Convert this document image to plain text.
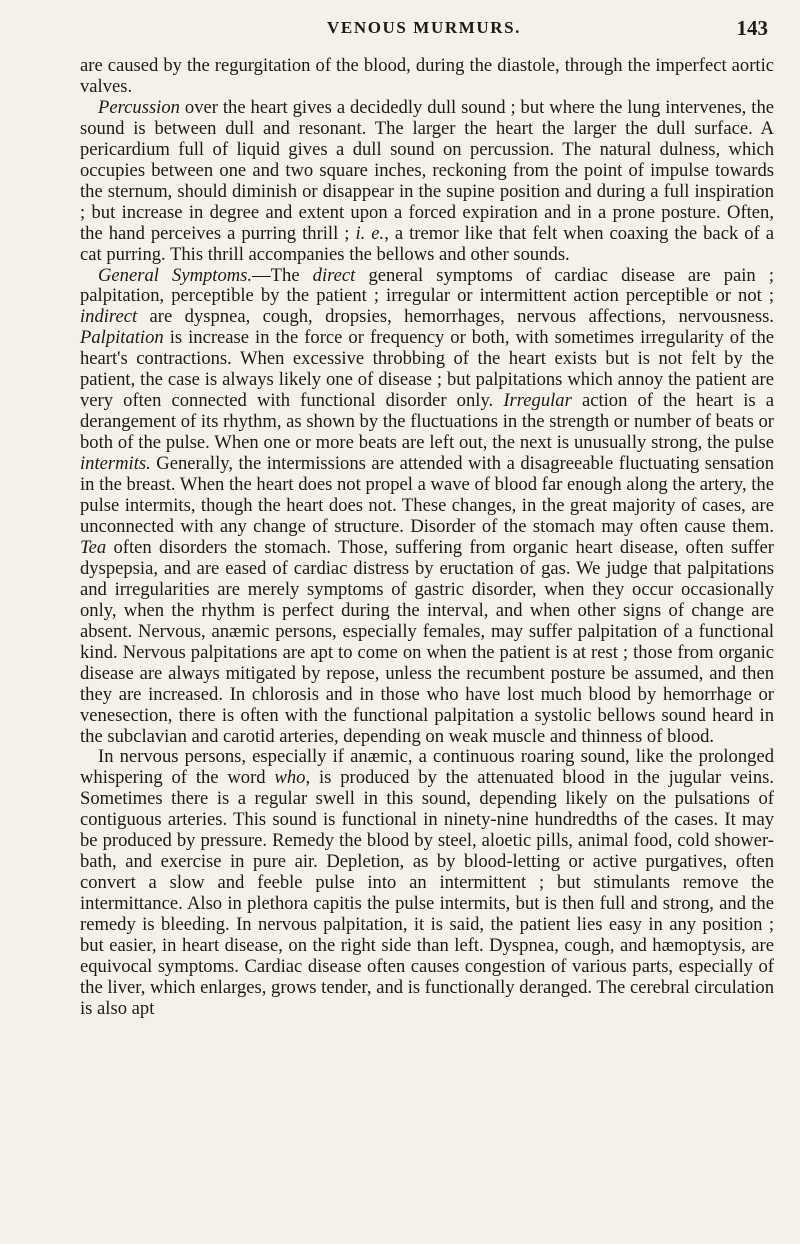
VENOUS MURMURS.	143

are caused by the regurgitation of the blood, during the diastole, through the imperfect aortic valves.

Percussion over the heart gives a decidedly dull sound ; but where the lung intervenes, the sound is between dull and resonant. The larger the heart the larger the dull surface. A pericardium full of liquid gives a dull sound on percussion. The natural dulness, which occupies between one and two square inches, reckoning from the point of impulse towards the sternum, should diminish or disappear in the supine position and during a full inspiration ; but increase in degree and extent upon a forced expiration and in a prone posture. Often, the hand perceives a purring thrill ; i. e., a tremor like that felt when coaxing the back of a cat purring. This thrill accompanies the bellows and other sounds.

General Symptoms.—The direct general symptoms of cardiac disease are pain ; palpitation, perceptible by the patient ; irregular or intermittent action perceptible or not ; indirect are dyspnea, cough, dropsies, hemorrhages, nervous affections, nervousness. Palpitation is increase in the force or frequency or both, with sometimes irregularity of the heart's contractions. When excessive throbbing of the heart exists but is not felt by the patient, the case is always likely one of disease ; but palpitations which annoy the patient are very often connected with functional disorder only. Irregular action of the heart is a derangement of its rhythm, as shown by the fluctuations in the strength or number of beats or both of the pulse. When one or more beats are left out, the next is unusually strong, the pulse intermits. Generally, the intermissions are attended with a disagreeable fluctuating sensation in the breast. When the heart does not propel a wave of blood far enough along the artery, the pulse intermits, though the heart does not. These changes, in the great majority of cases, are unconnected with any change of structure. Disorder of the stomach may often cause them. Tea often disorders the stomach. Those, suffering from organic heart disease, often suffer dyspepsia, and are eased of cardiac distress by eructation of gas. We judge that palpitations and irregularities are merely symptoms of gastric disorder, when they occur occasionally only, when the rhythm is perfect during the interval, and when other signs of change are absent. Nervous, anæmic persons, especially females, may suffer palpitation of a functional kind. Nervous palpitations are apt to come on when the patient is at rest ; those from organic disease are always mitigated by repose, unless the recumbent posture be assumed, and then they are increased. In chlorosis and in those who have lost much blood by hemorrhage or venesection, there is often with the functional palpitation a systolic bellows sound heard in the subclavian and carotid arteries, depending on weak muscle and thinness of blood.

In nervous persons, especially if anæmic, a continuous roaring sound, like the prolonged whispering of the word who, is produced by the attenuated blood in the jugular veins. Sometimes there is a regular swell in this sound, depending likely on the pulsations of contiguous arteries. This sound is functional in ninety-nine hundredths of the cases. It may be produced by pressure. Remedy the blood by steel, aloetic pills, animal food, cold shower-bath, and exercise in pure air. Depletion, as by blood-letting or active purgatives, often convert a slow and feeble pulse into an intermittent ; but stimulants remove the intermittance. Also in plethora capitis the pulse intermits, but is then full and strong, and the remedy is bleeding. In nervous palpitation, it is said, the patient lies easy in any position ; but easier, in heart disease, on the right side than left. Dyspnea, cough, and hæmoptysis, are equivocal symptoms. Cardiac disease often causes congestion of various parts, especially of the liver, which enlarges, grows tender, and is functionally deranged. The cerebral circulation is also apt
